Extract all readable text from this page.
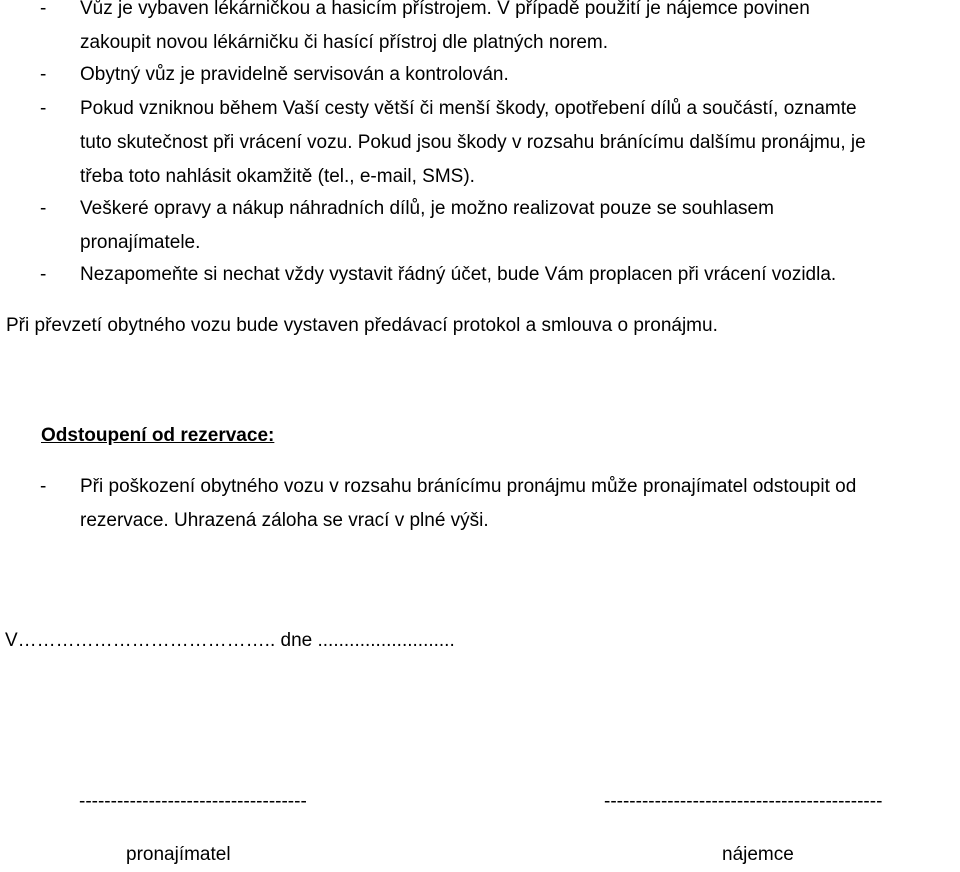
- Vůz je vybaven lékárničkou a hasicím přístrojem. V případě použití je nájemce povinen
zakoupit novou lékárničku či hasící přístroj dle platných norem.
- Obytný vůz je pravidelně servisován a kontrolován.
- Pokud vzniknou během Vaší cesty větší či menší škody, opotřebení dílů a součástí, oznamte
tuto skutečnost při vrácení vozu. Pokud jsou škody v rozsahu bránícímu dalšímu pronájmu, je
třeba toto nahlásit okamžitě (tel., e-mail, SMS).
- Veškeré opravy a nákup náhradních dílů, je možno realizovat pouze se souhlasem
pronajímatele.
- Nezapomeňte si nechat vždy vystavit řádný účet, bude Vám proplacen při vrácení vozidla.
Při převzetí obytného vozu bude vystaven předávací protokol a smlouva o pronájmu.
Odstoupení od rezervace:
- Při poškození obytného vozu v rozsahu bránícímu pronájmu může pronajímatel odstoupit od
rezervace. Uhrazená záloha se vrací v plné výši.
V………………………………….. dne ..........................
------------------------------------	--------------------------------------------
pronajímatel	nájemce
